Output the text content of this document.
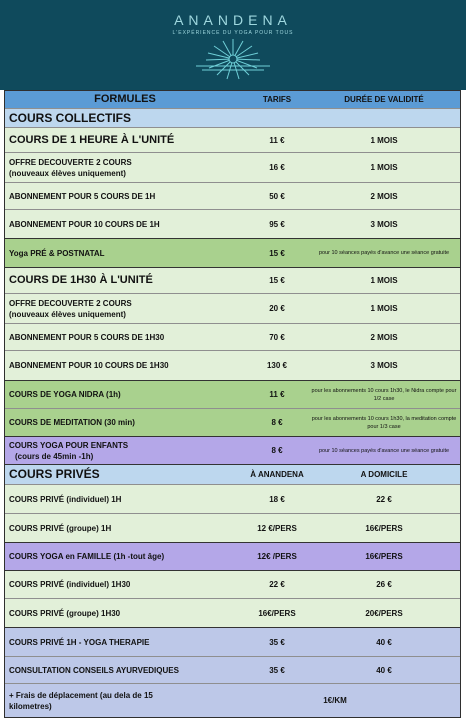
ANANDENA
L'EXPÉRIENCE DU YOGA POUR TOUS
FORMULES	TARIFS	DURÉE DE VALIDITÉ
COURS COLLECTIFS
COURS DE 1 HEURE À L'UNITÉ	11 €	1 MOIS
OFFRE DECOUVERTE 2 COURS
(nouveaux élèves uniquement)
16 €	1 MOIS
ABONNEMENT POUR 5 COURS DE 1H	50 €	2 MOIS
ABONNEMENT POUR 10 COURS DE 1H	95 €	3 MOIS
Yoga PRÉ & POSTNATAL	15 €	pour 10 séances payés d'avance une séance gratuite
COURS DE 1H30 À L'UNITÉ	15 €	1 MOIS
OFFRE DECOUVERTE 2 COURS
(nouveaux élèves uniquement)
20 €	1 MOIS
ABONNEMENT POUR 5 COURS DE 1H30	70 €	2 MOIS
ABONNEMENT POUR 10 COURS DE 1H30	130 €	3 MOIS
COURS DE YOGA NIDRA (1h)	11 €	pour les abonnements 10 cours 1h30, le Nidra compte pour 1/2 case
COURS DE MEDITATION (30 min)	8 €	pour les abonnements 10 cours 1h30, la meditation compte pour 1/3 case
COURS YOGA POUR ENFANTS
(cours de 45min -1h)
8 €	pour 10 séances payés d'avance une séance gratuite
COURS PRIVÉS	À ANANDENA	A DOMICILE
COURS PRIVÉ (individuel) 1H	18 €	22 €
COURS PRIVÉ (groupe) 1H	12 €/PERS	16€/PERS
COURS YOGA en FAMILLE (1h -tout âge)	12€ /PERS	16€/PERS
COURS PRIVÉ (individuel) 1H30	22 €	26 €
COURS PRIVÉ (groupe) 1H30	16€/PERS	20€/PERS
COURS PRIVÉ 1H - YOGA THERAPIE	35 €	40 €
CONSULTATION CONSEILS AYURVEDIQUES	35 €	40 €
+ Frais de déplacement (au dela de 15 kilometres)
1€/KM
